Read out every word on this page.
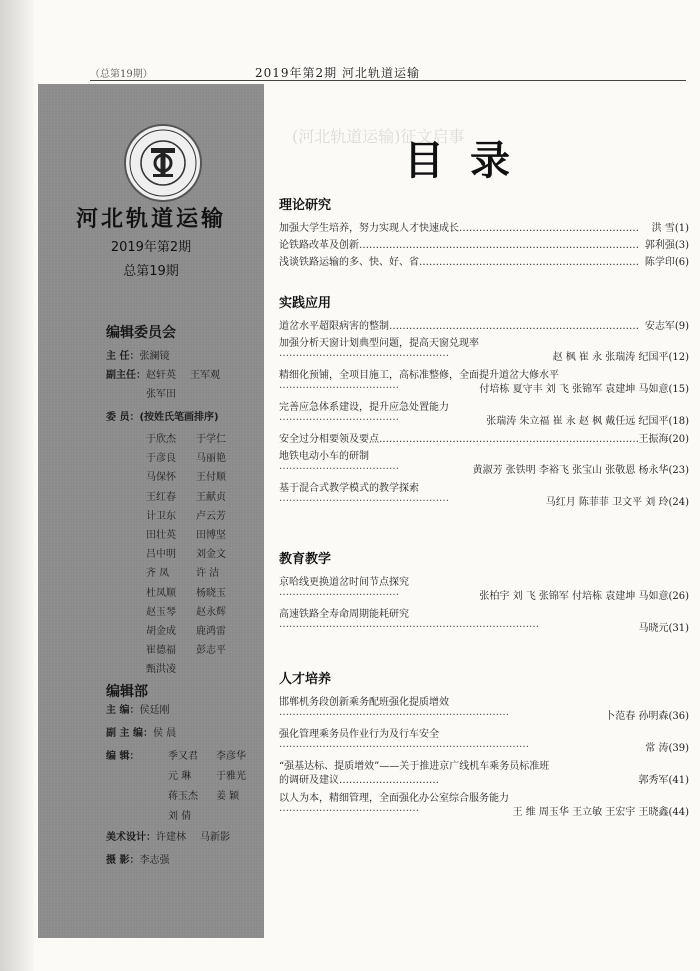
（总第19期）	2019年第2期 河北轨道运输
河北轨道运输
2019年第2期
总第19期
编辑委员会
主 任：张澜镜
副主任：赵轩英 王军观
张军田
委 员：(按姓氏笔画排序)
于欣杰 于学仁
于彦良 马丽艳
马保怀 王付顺
王红春 王献贞
计卫东 卢云芳
田壮英 田博坚
吕中明 刘金文
齐 凤	许 洁
杜凤顺 杨晓玉
赵玉琴 赵永辉
胡金成 鹿鸿雷
崔德福 彭志平
甄洪凌
编辑部
主 编：侯廷刚
副 主 编：侯 晨
编 辑：	季又君 李彦华
元 琳 于雅光
蒋玉杰 姜 颖
刘 倩
美术设计：许建林 马新影
摄 影：李志强
(河北轨道运输)征文启事
目录
理论研究
加强大学生培养，努力实现人才快速成长……………………………………………… 洪 雪(1)
论铁路改革及创新………………………………………………………………………… 郭利强(3)
浅谈铁路运输的多、快、好、省………………………………………………………… 陈学印(6)
实践应用
道岔水平超限病害的整制………………………………………………………………… 安志军(9)
加强分析天窗计划典型问题，提高天窗兑现率
……………………………………………	赵 枫 崔 永 张瑞涛 纪国平(12)
精细化预铺，全项目施工，高标准整修，全面提升道岔大修水平
………………………………	付培栋 夏守丰 刘 飞 张锦军 袁建坤 马如意(15)
完善应急体系建设，提升应急处置能力
………………………………	张瑞涛 朱立福 崔 永 赵 枫 戴任远 纪国平(18)
安全过分相要领及要点…………………………………………………………………… 王振海(20)
地铁电动小车的研制
………………………………	黄淑芳 张铁明 李裕飞 张宝山 张敬恩 杨永华(23)
基于混合式教学模式的教学探索
……………………………………………	马红月 陈菲菲 卫文平 刘 玲(24)
教育教学
京哈线更换道岔时间节点探究
………………………………	张柏宇 刘 飞 张锦军 付培栋 袁建坤 马如意(26)
高速铁路全寿命周期能耗研究
……………………………………………………………………	马晓元(31)
人才培养
邯郸机务段创新乘务配班强化提质增效
……………………………………………………………	卜范春 孙明森(36)
强化管理乘务员作业行为及行车安全
…………………………………………………………………	常 涛(39)
“强基达标、提质增效”——关于推进京广线机车乘务员标准班
的调研及建议…………………………	郭秀军(41)
以人为本，精细管理，全面强化办公室综合服务能力
……………………………………	王 维 周玉华 王立敏 王宏宇 王晓鑫(44)
